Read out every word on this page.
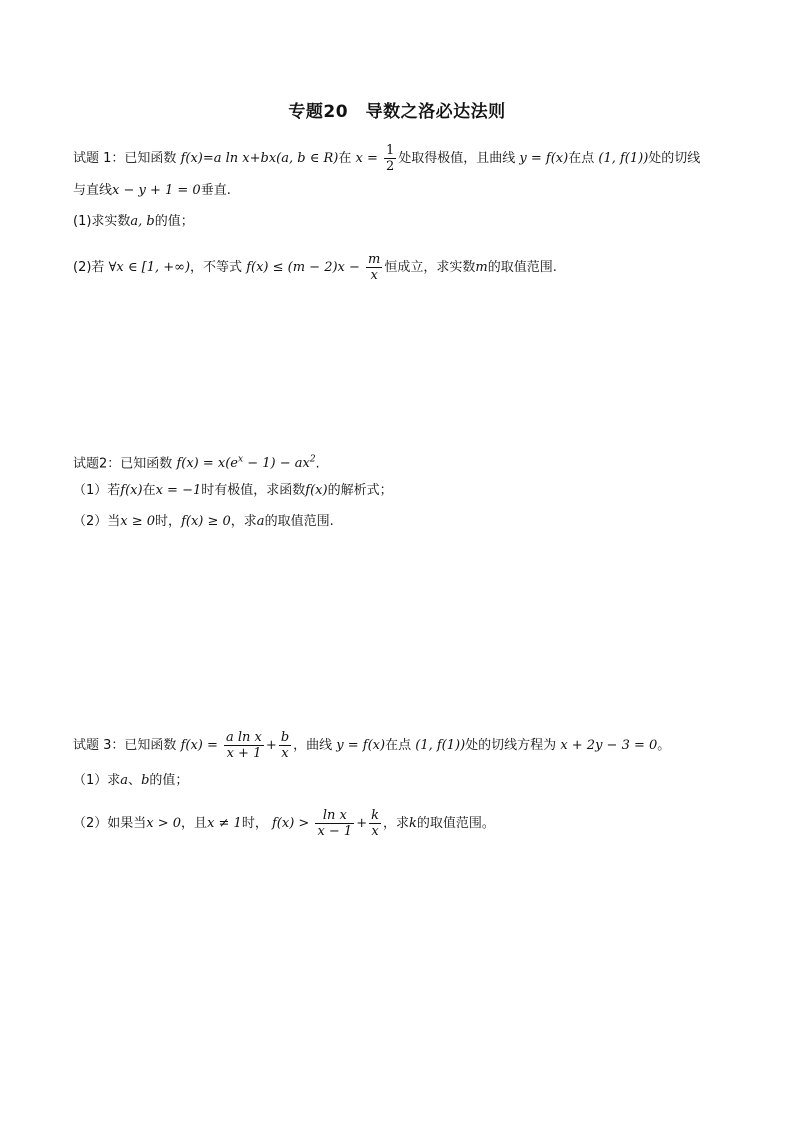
专题20　导数之洛必达法则
试题 1：已知函数 f(x)=a ln x+bx(a, b ∈ R)在 $x = \frac{1}{2}$ 处取得极值，且曲线 y = f(x)在点 (1, f(1))处的切线
与直线x − y + 1 = 0垂直.
(1)求实数a, b的值；
(2)若 ∀x ∈ [1, +∞)，不等式 $f(x) \le (m - 2)x - \frac{m}{x}$ 恒成立，求实数m的取值范围.
试题2：已知函数 $f(x) = x(e^x - 1) - ax^2$.
（1）若f(x)在x = −1时有极值，求函数f(x)的解析式；
（2）当x ≥ 0时，f(x) ≥ 0，求a的取值范围.
试题 3：已知函数 $f(x) = \frac{\text{a ln x}}{x + 1} + \frac{b}{x}$ ，曲线 y = f(x)在点 (1, f(1))处的切线方程为 x + 2y − 3 = 0。
（1）求a、b的值；
（2）如果当x > 0，且x ≠ 1时， $f(x) > \frac{\text{ln x}}{x - 1} + \frac{k}{x}$ ，求k的取值范围。
